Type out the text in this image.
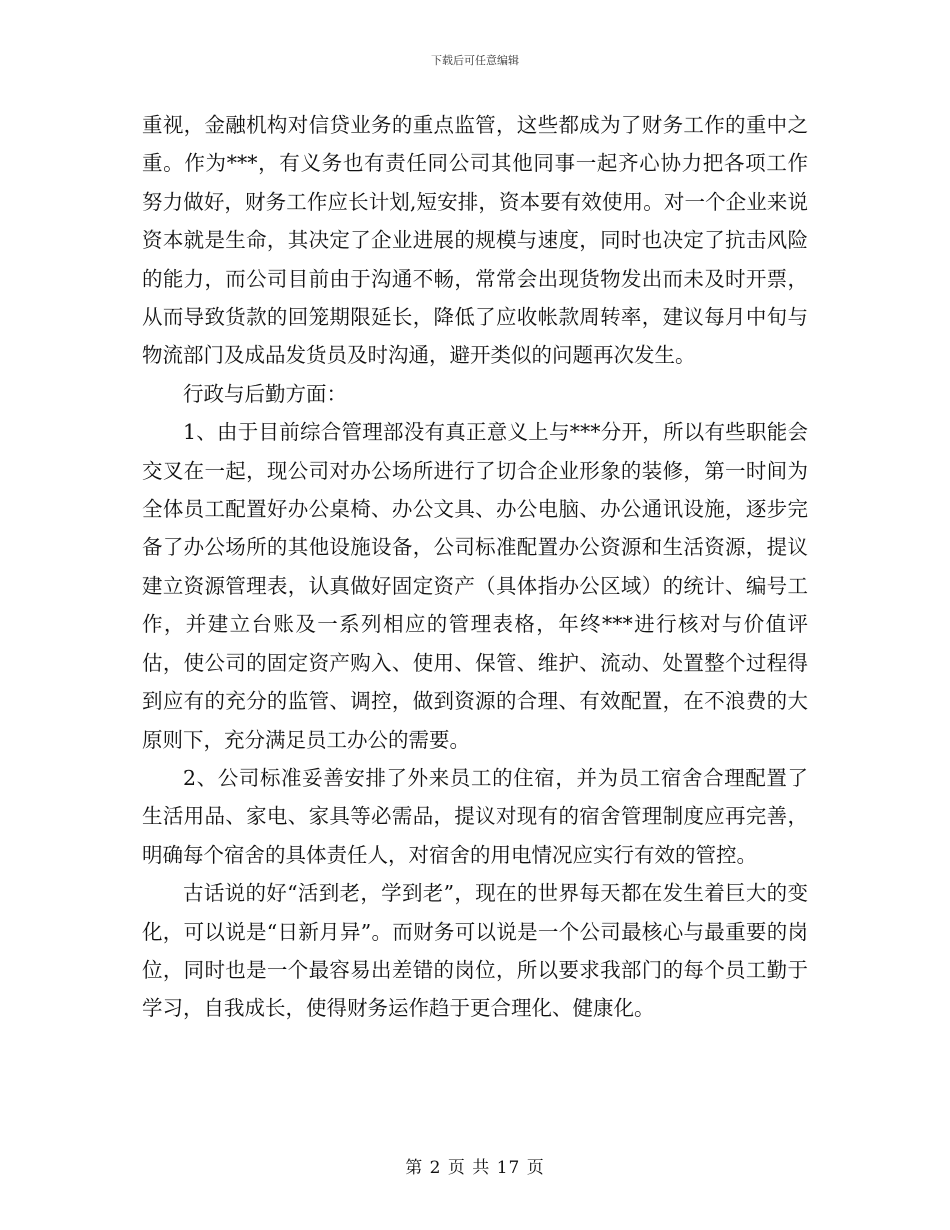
下载后可任意编辑

重视，金融机构对信贷业务的重点监管，这些都成为了财务工作的重中之重。作为***，有义务也有责任同公司其他同事一起齐心协力把各项工作努力做好，财务工作应长计划,短安排，资本要有效使用。对一个企业来说资本就是生命，其决定了企业进展的规模与速度，同时也决定了抗击风险的能力，而公司目前由于沟通不畅，常常会出现货物发出而未及时开票，从而导致货款的回笼期限延长，降低了应收帐款周转率，建议每月中旬与物流部门及成品发货员及时沟通，避开类似的问题再次发生。

行政与后勤方面：

1、由于目前综合管理部没有真正意义上与***分开，所以有些职能会交叉在一起，现公司对办公场所进行了切合企业形象的装修，第一时间为全体员工配置好办公桌椅、办公文具、办公电脑、办公通讯设施，逐步完备了办公场所的其他设施设备，公司标准配置办公资源和生活资源，提议建立资源管理表，认真做好固定资产（具体指办公区域）的统计、编号工作，并建立台账及一系列相应的管理表格，年终***进行核对与价值评估，使公司的固定资产购入、使用、保管、维护、流动、处置整个过程得到应有的充分的监管、调控，做到资源的合理、有效配置，在不浪费的大原则下，充分满足员工办公的需要。

2、公司标准妥善安排了外来员工的住宿，并为员工宿舍合理配置了生活用品、家电、家具等必需品，提议对现有的宿舍管理制度应再完善，明确每个宿舍的具体责任人，对宿舍的用电情况应实行有效的管控。

古话说的好“活到老，学到老”，现在的世界每天都在发生着巨大的变化，可以说是“日新月异”。而财务可以说是一个公司最核心与最重要的岗位，同时也是一个最容易出差错的岗位，所以要求我部门的每个员工勤于学习，自我成长，使得财务运作趋于更合理化、健康化。

第 2 页 共 17 页
